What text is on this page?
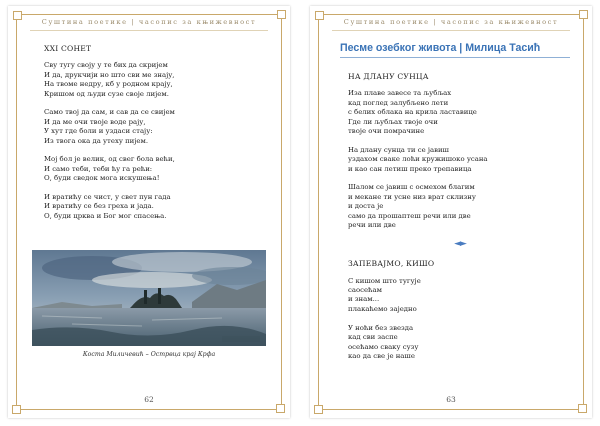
Суштина поетике | часопис за књижевност
XXI СОНЕТ
Сву тугу своју у те бих да скријем
И да, друкчији но што сви ме знају,
На твоме недру, кб у родном крају,
Кришом од људи сузе своје лијем.
Само твој да сам, и сав да се свијем
И да ме очи твоје воде рају,
У хут где боли и уздаси стају:
Из твога ока да утеху пијем.
Мој бол је велик, од свег бола већи,
И само теби, теби ћу га рећи:
О, буди сведок мога искушења!
И вратићу се чист, у свет пун гада
И вратићу се без греха и јада.
О, буди црква и Бог мог спасења.
Коста Миличевић – Острвца крај Крфа
62
Суштина поетике | часопис за књижевност
Песме озебког живота | Милица Тасић
НА ДЛАНУ СУНЦА
Иза плаве завесе та љубљах
кад поглед залубљено лети
с белих облака на крила ластавице
Где ли љубљах твоје очи
твоје очи помрачине
На длану сунца ти се јавиш
уздахом сваке лоћи кружишоко усана
и као сан летиш преко трепавица
Шалом се јавиш с осмехом благим
и мекане ти усне низ врат склизну
и доста је
само да прошаптеш речи или две
речи или две
◄►
ЗАПЕВАЈМО, КИШО
С кишом што тугује
саосећам
и знам...
плакаћемо заједно
У ноћи без звезда
кад сви заспе
осећамо сваку сузу
као да све је наше
63
